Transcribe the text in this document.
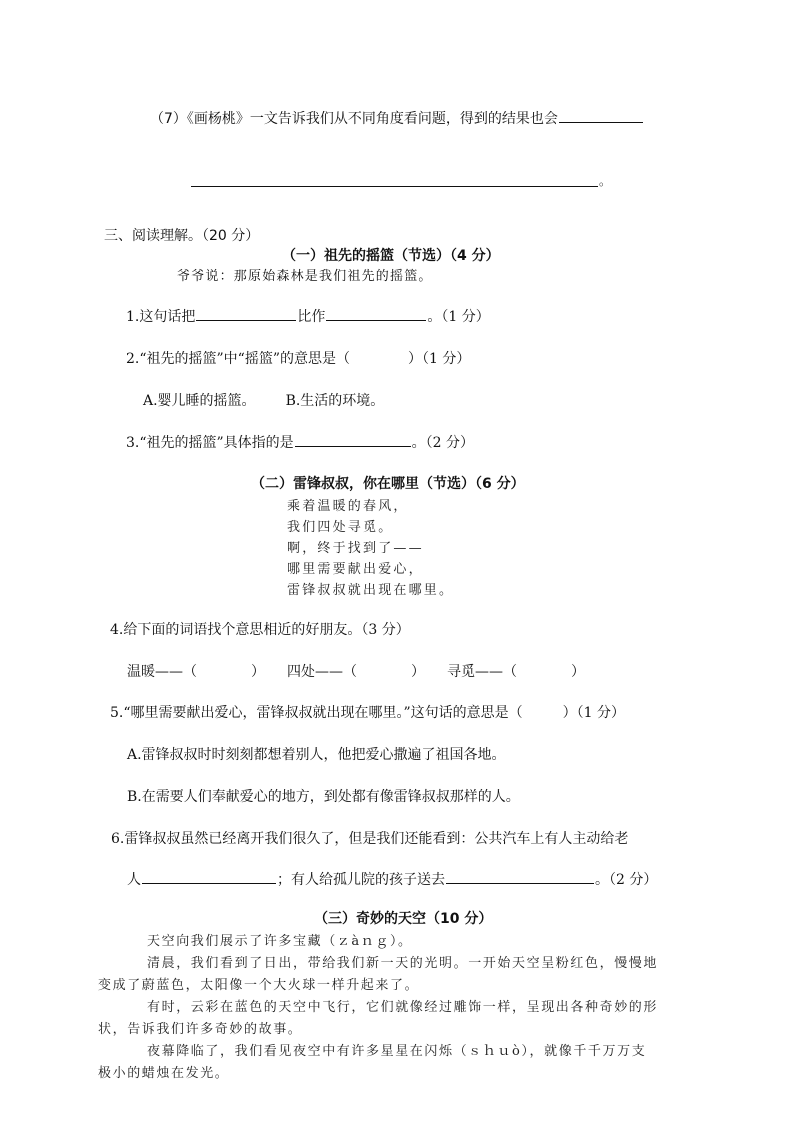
（7）《画杨桃》一文告诉我们从不同角度看问题，得到的结果也会
。
三、阅读理解。（20 分）
（一）祖先的摇篮（节选）（4 分）
爷爷说：那原始森林是我们祖先的摇篮。
1.这句话把	比作	。（1 分）
2.“祖先的摇篮”中“摇篮”的意思是（	）（1 分）
A.婴儿睡的摇篮。 B.生活的环境。
3.“祖先的摇篮”具体指的是	。（2 分）
（二）雷锋叔叔，你在哪里（节选）（6 分）
乘着温暖的春风，
我们四处寻觅。
啊，终于找到了——
哪里需要献出爱心，
雷锋叔叔就出现在哪里。
4.给下面的词语找个意思相近的好朋友。（3 分）
温暖——（	） 四处——（	） 寻觅——（	）
5.“哪里需要献出爱心，雷锋叔叔就出现在哪里。”这句话的意思是（	）（1 分）
A.雷锋叔叔时时刻刻都想着别人，他把爱心撒遍了祖国各地。
B.在需要人们奉献爱心的地方，到处都有像雷锋叔叔那样的人。
6.雷锋叔叔虽然已经离开我们很久了，但是我们还能看到：公共汽车上有人主动给老
人	；有人给孤儿院的孩子送去	。（2 分）
（三）奇妙的天空（10 分）
天空向我们展示了许多宝藏（ｚàｎｇ）。
清晨，我们看到了日出，带给我们新一天的光明。一开始天空呈粉红色，慢慢地
变成了蔚蓝色，太阳像一个大火球一样升起来了。
有时，云彩在蓝色的天空中飞行，它们就像经过雕饰一样，呈现出各种奇妙的形
状，告诉我们许多奇妙的故事。
夜幕降临了，我们看见夜空中有许多星星在闪烁（ｓｈｕò），就像千千万万支
极小的蜡烛在发光。
